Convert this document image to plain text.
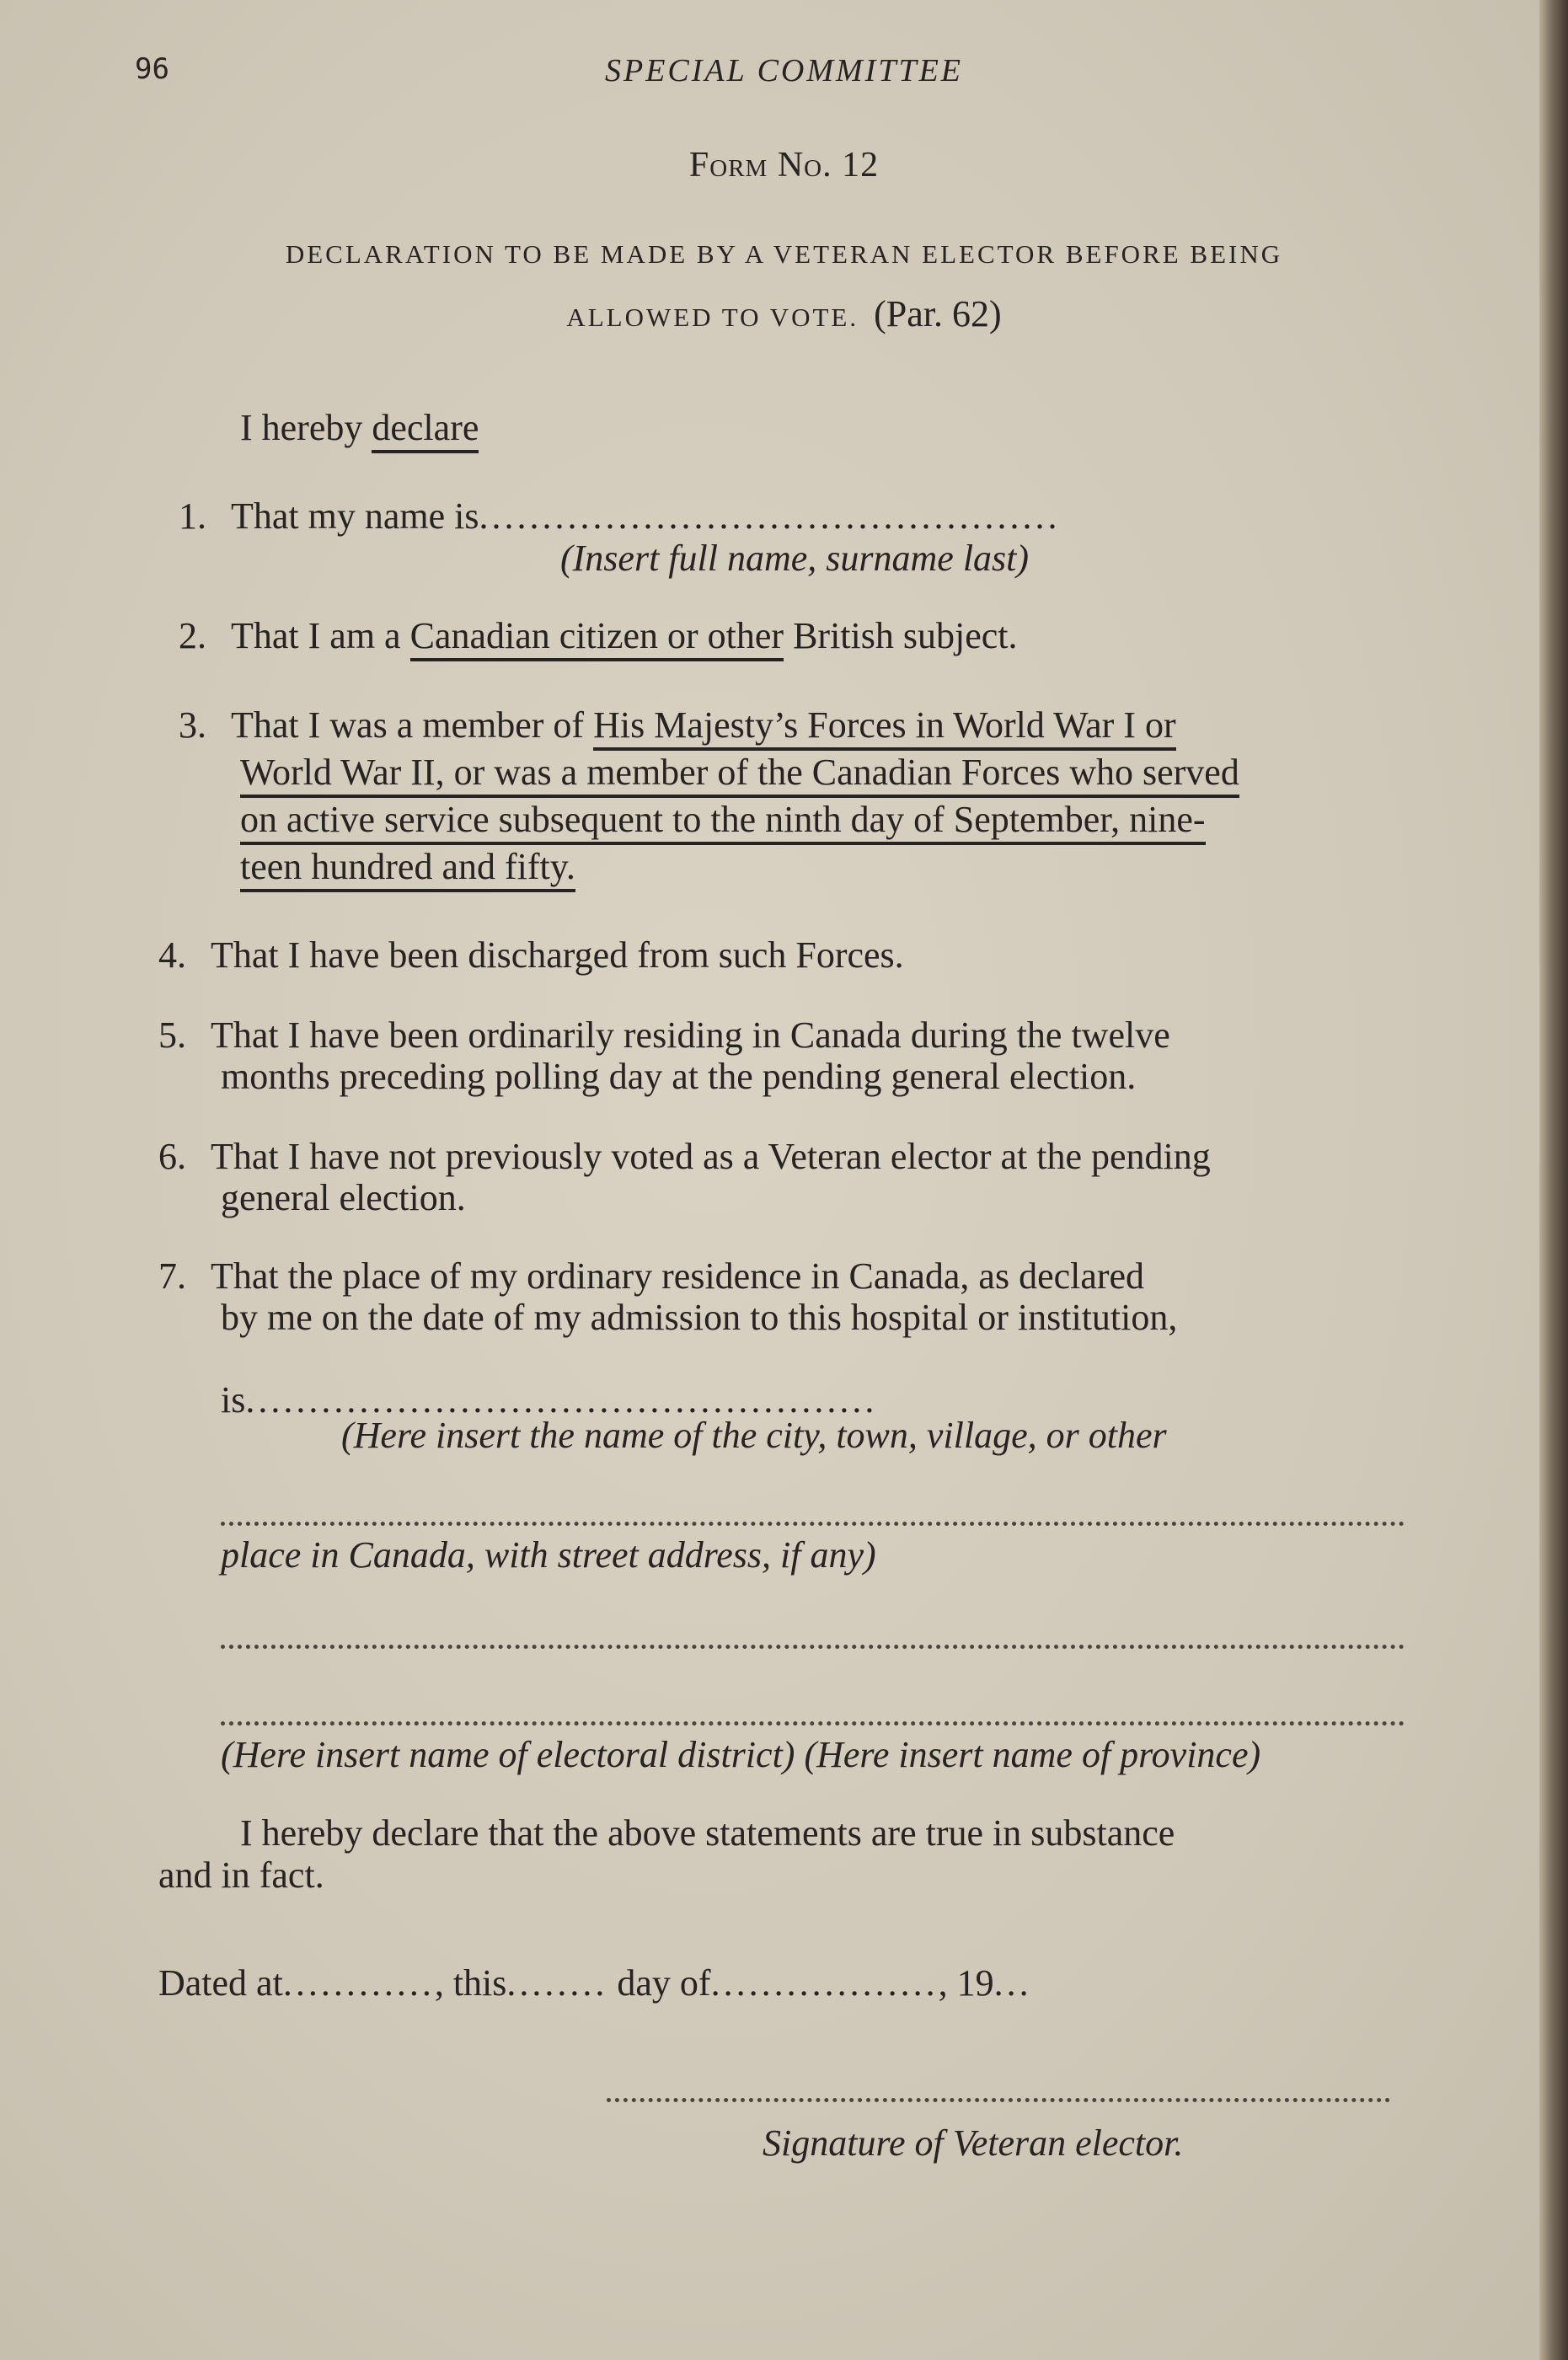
96	SPECIAL COMMITTEE
Form No. 12
DECLARATION TO BE MADE BY A VETERAN ELECTOR BEFORE BEING
ALLOWED TO VOTE. (Par. 62)
I hereby declare
1. That my name is..............................................
(Insert full name, surname last)
2. That I am a Canadian citizen or other British subject.
3. That I was a member of His Majesty’s Forces in World War I or
World War II, or was a member of the Canadian Forces who served
on active service subsequent to the ninth day of September, nine-
teen hundred and fifty.
4. That I have been discharged from such Forces.
5. That I have been ordinarily residing in Canada during the twelve
months preceding polling day at the pending general election.
6. That I have not previously voted as a Veteran elector at the pending
general election.
7. That the place of my ordinary residence in Canada, as declared
by me on the date of my admission to this hospital or institution,
is..................................................
(Here insert the name of the city, town, village, or other
place in Canada, with street address, if any)
(Here insert name of electoral district) (Here insert name of province)
I hereby declare that the above statements are true in substance
and in fact.
Dated at............, this........ day of.................., 19...
Signature of Veteran elector.
